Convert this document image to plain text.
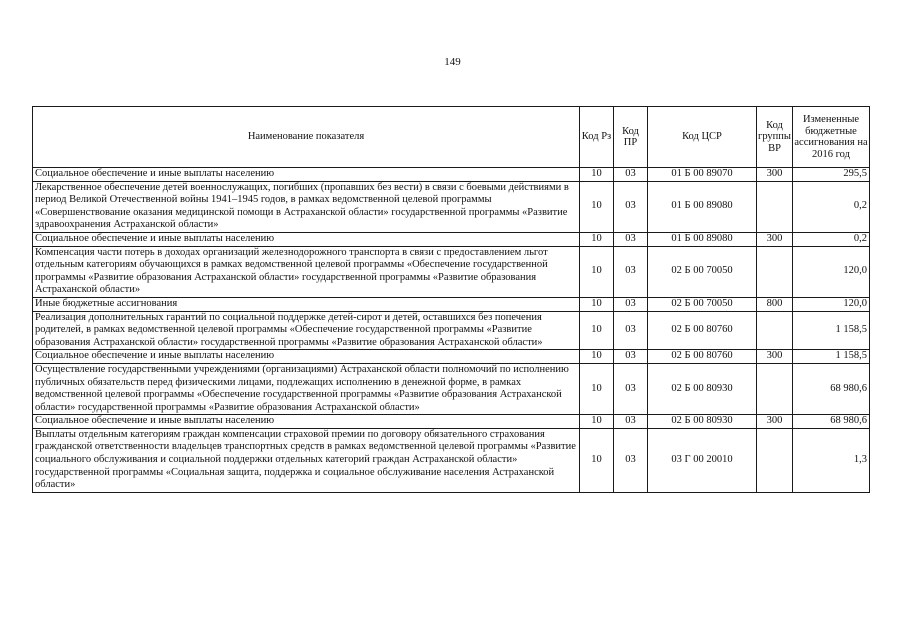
149
Наименование показателя	Код Рз	Код ПР	Код ЦСР	Код группы ВР	Измененные бюджетные ассигнования на 2016 год
Социальное обеспечение и иные выплаты населению	10	03	01 Б 00 89070	300	295,5
Лекарственное обеспечение детей военнослужащих, погибших (пропавших без вести) в связи с боевыми действиями в период Великой Отечественной войны 1941–1945 годов, в рамках ведомственной целевой программы «Совершенствование оказания медицинской помощи в Астраханской области» государственной программы «Развитие здравоохранения Астраханской области»	10	03	01 Б 00 89080		0,2
Социальное обеспечение и иные выплаты населению	10	03	01 Б 00 89080	300	0,2
Компенсация части потерь в доходах организаций железнодорожного транспорта в связи с предоставлением льгот отдельным категориям обучающихся в рамках ведомственной целевой программы «Обеспечение государственной программы «Развитие образования Астраханской области» государственной программы «Развитие образования Астраханской области»	10	03	02 Б 00 70050		120,0
Иные бюджетные ассигнования	10	03	02 Б 00 70050	800	120,0
Реализация дополнительных гарантий по социальной поддержке детей-сирот и детей, оставшихся без попечения родителей, в рамках ведомственной целевой программы «Обеспечение государственной программы «Развитие образования Астраханской области» государственной программы «Развитие образования Астраханской области»	10	03	02 Б 00 80760		1 158,5
Социальное обеспечение и иные выплаты населению	10	03	02 Б 00 80760	300	1 158,5
Осуществление государственными учреждениями (организациями) Астраханской области полномочий по исполнению публичных обязательств перед физическими лицами, подлежащих исполнению в денежной форме, в рамках ведомственной целевой программы «Обеспечение государственной программы «Развитие образования Астраханской области» государственной программы «Развитие образования Астраханской области»	10	03	02 Б 00 80930		68 980,6
Социальное обеспечение и иные выплаты населению	10	03	02 Б 00 80930	300	68 980,6
Выплаты отдельным категориям граждан компенсации страховой премии по договору обязательного страхования гражданской ответственности владельцев транспортных средств в рамках ведомственной целевой программы «Развитие социального обслуживания и социальной поддержки отдельных категорий граждан Астраханской области» государственной программы «Социальная защита, поддержка и социальное обслуживание населения Астраханской области»	10	03	03 Г 00 20010		1,3
